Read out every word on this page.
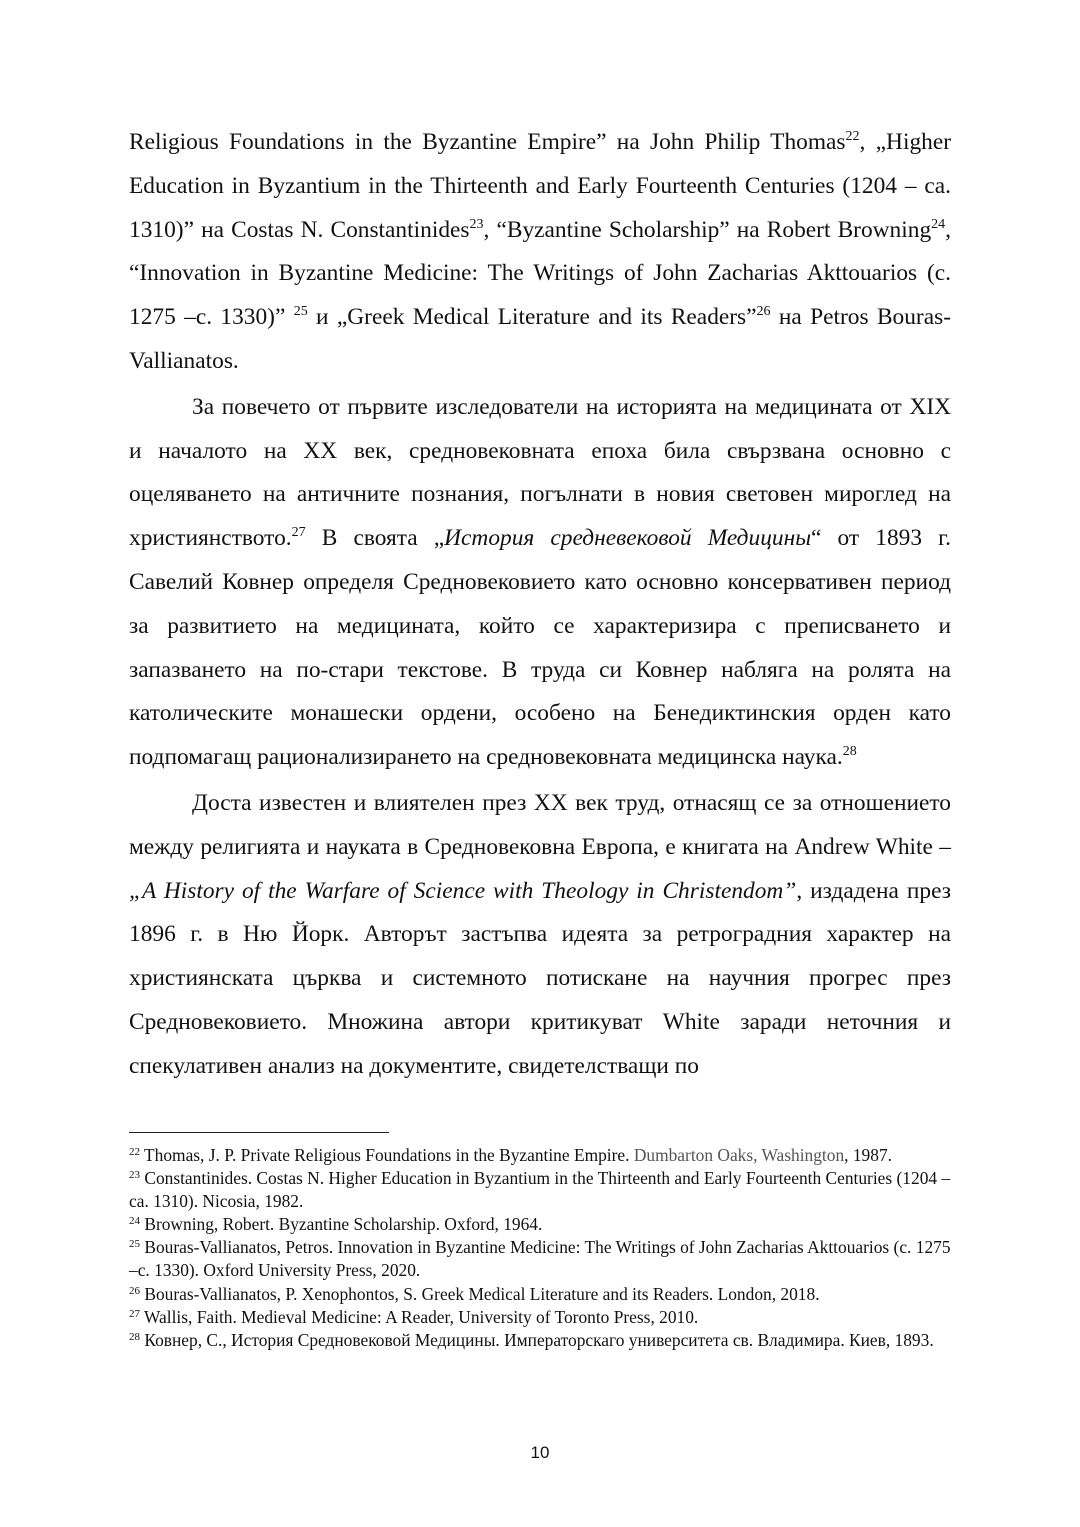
Religious Foundations in the Byzantine Empire” на John Philip Thomas$^{22}$, „Higher Education in Byzantium in the Thirteenth and Early Fourteenth Centuries (1204 – ca. 1310)” на Costas N. Constantinides$^{23}$, “Byzantine Scholarship” на Robert Browning$^{24}$, “Innovation in Byzantine Medicine: The Writings of John Zacharias Akttouarios (c. 1275 –c. 1330)” $^{25}$ и „Greek Medical Literature and its Readers”$^{26}$ на Petros Bouras-Vallianatos.

За повечето от първите изследователи на историята на медицината от XIX и началото на XX век, средновековната епоха била свързвана основно с оцеляването на античните познания, погълнати в новия световен мироглед на християнството.$^{27}$ В своята „История средневековой Медицины“ от 1893 г. Савелий Ковнер определя Средновековието като основно консервативен период за развитието на медицината, който се характеризира с преписването и запазването на по-стари текстове. В труда си Ковнер набляга на ролята на католическите монашески ордени, особено на Бенедиктинския орден като подпомагащ рационализирането на средновековната медицинска наука.$^{28}$

Доста известен и влиятелен през XX век труд, отнасящ се за отношението между религията и науката в Средновековна Европа, е книгата на Andrew White – „A History of the Warfare of Science with Theology in Christendom”, издадена през 1896 г. в Ню Йорк. Авторът застъпва идеята за ретроградния характер на християнската църква и системното потискане на научния прогрес през Средновековието. Множина автори критикуват White заради неточния и спекулативен анализ на документите, свидетелстващи по

$^{22}$ Thomas, J. P. Private Religious Foundations in the Byzantine Empire. Dumbarton Oaks, Washington, 1987.

$^{23}$ Constantinides. Costas N. Higher Education in Byzantium in the Thirteenth and Early Fourteenth Centuries (1204 – ca. 1310). Nicosia, 1982.

$^{24}$ Browning, Robert. Byzantine Scholarship. Oxford, 1964.

$^{25}$ Bouras-Vallianatos, Petros. Innovation in Byzantine Medicine: The Writings of John Zacharias Akttouarios (c. 1275 –c. 1330). Oxford University Press, 2020.

$^{26}$ Bouras-Vallianatos, P. Xenophontos, S. Greek Medical Literature and its Readers. London, 2018.

$^{27}$ Wallis, Faith. Medieval Medicine: A Reader, University of Toronto Press, 2010.

$^{28}$ Ковнер, С., История Средновековой Медицины. Императорскаго университета св. Владимира. Киев, 1893.

10
